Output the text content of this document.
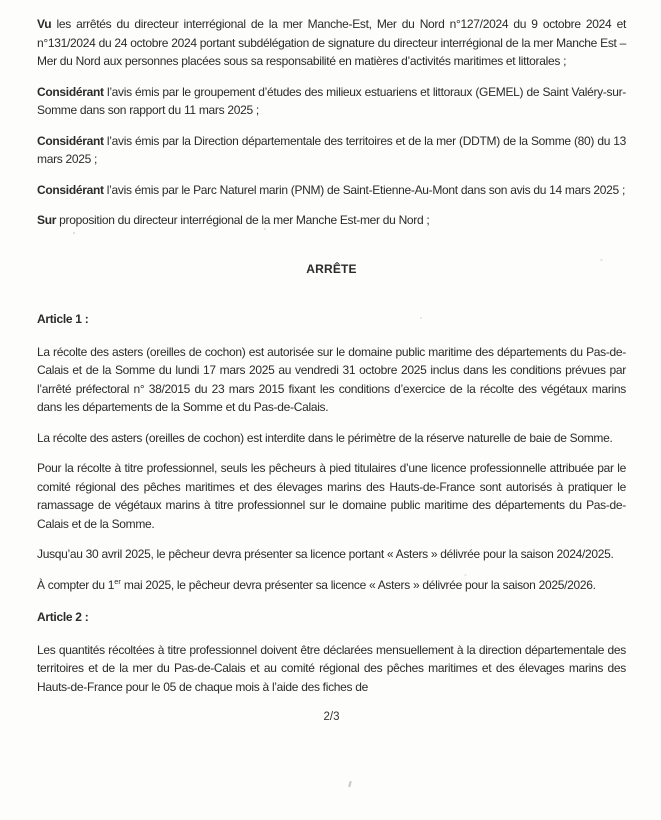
Vu les arrêtés du directeur interrégional de la mer Manche-Est, Mer du Nord n°127/2024 du 9 octobre 2024 et n°131/2024 du 24 octobre 2024 portant subdélégation de signature du directeur interrégional de la mer Manche Est – Mer du Nord aux personnes placées sous sa responsabilité en matières d’activités maritimes et littorales ;

Considérant l’avis émis par le groupement d’études des milieux estuariens et littoraux (GEMEL) de Saint Valéry-sur-Somme dans son rapport du 11 mars 2025 ;

Considérant l’avis émis par la Direction départementale des territoires et de la mer (DDTM) de la Somme (80) du 13 mars 2025 ;

Considérant l’avis émis par le Parc Naturel marin (PNM) de Saint-Etienne-Au-Mont dans son avis du 14 mars 2025 ;

Sur proposition du directeur interrégional de la mer Manche Est-mer du Nord ;

ARRÊTE

Article 1 :

La récolte des asters (oreilles de cochon) est autorisée sur le domaine public maritime des départements du Pas-de-Calais et de la Somme du lundi 17 mars 2025 au vendredi 31 octobre 2025 inclus dans les conditions prévues par l’arrêté préfectoral n° 38/2015 du 23 mars 2015 fixant les conditions d’exercice de la récolte des végétaux marins dans les départements de la Somme et du Pas-de-Calais.

La récolte des asters (oreilles de cochon) est interdite dans le périmètre de la réserve naturelle de baie de Somme.

Pour la récolte à titre professionnel, seuls les pêcheurs à pied titulaires d’une licence professionnelle attribuée par le comité régional des pêches maritimes et des élevages marins des Hauts-de-France sont autorisés à pratiquer le ramassage de végétaux marins à titre professionnel sur le domaine public maritime des départements du Pas-de-Calais et de la Somme.

Jusqu’au 30 avril 2025, le pêcheur devra présenter sa licence portant « Asters » délivrée pour la saison 2024/2025.

À compter du 1er mai 2025, le pêcheur devra présenter sa licence « Asters » délivrée pour la saison 2025/2026.

Article 2 :

Les quantités récoltées à titre professionnel doivent être déclarées mensuellement à la direction départementale des territoires et de la mer du Pas-de-Calais et au comité régional des pêches maritimes et des élevages marins des Hauts-de-France pour le 05 de chaque mois à l’aide des fiches de

2/3
